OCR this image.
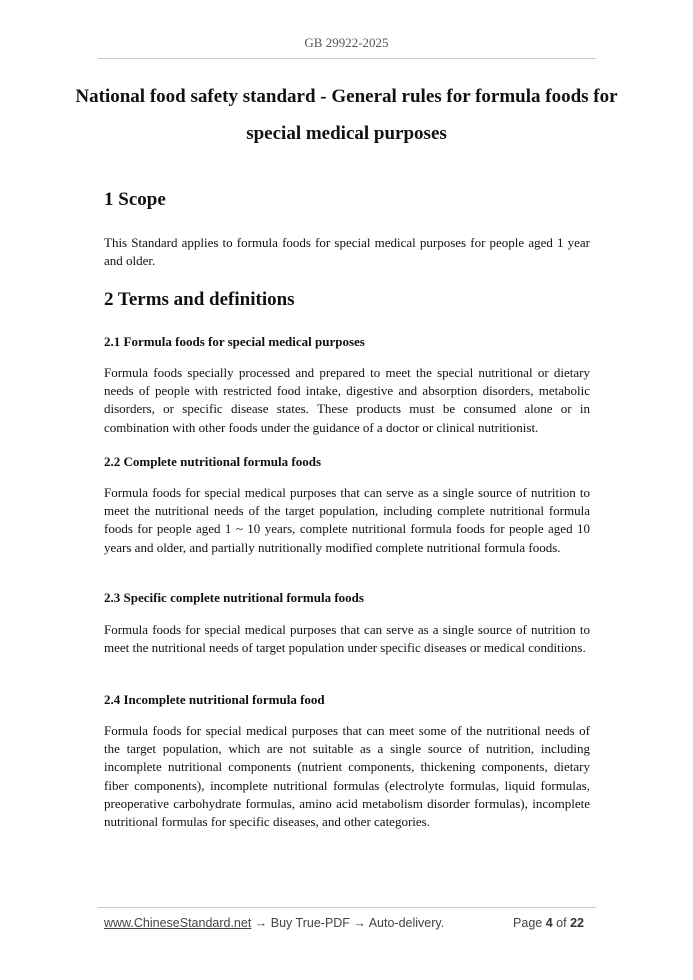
GB 29922-2025
National food safety standard - General rules for formula foods for special medical purposes
1 Scope

This Standard applies to formula foods for special medical purposes for people aged 1 year and older.

2 Terms and definitions
2.1 Formula foods for special medical purposes

Formula foods specially processed and prepared to meet the special nutritional or dietary needs of people with restricted food intake, digestive and absorption disorders, metabolic disorders, or specific disease states. These products must be consumed alone or in combination with other foods under the guidance of a doctor or clinical nutritionist.

2.2 Complete nutritional formula foods

Formula foods for special medical purposes that can serve as a single source of nutrition to meet the nutritional needs of the target population, including complete nutritional formula foods for people aged 1 ~ 10 years, complete nutritional formula foods for people aged 10 years and older, and partially nutritionally modified complete nutritional formula foods.

2.3 Specific complete nutritional formula foods

Formula foods for special medical purposes that can serve as a single source of nutrition to meet the nutritional needs of target population under specific diseases or medical conditions.

2.4 Incomplete nutritional formula food

Formula foods for special medical purposes that can meet some of the nutritional needs of the target population, which are not suitable as a single source of nutrition, including incomplete nutritional components (nutrient components, thickening components, dietary fiber components), incomplete nutritional formulas (electrolyte formulas, liquid formulas, preoperative carbohydrate formulas, amino acid metabolism disorder formulas), incomplete nutritional formulas for specific diseases, and other categories.

www.ChineseStandard.net → Buy True-PDF → Auto-delivery.	Page 4 of 22
